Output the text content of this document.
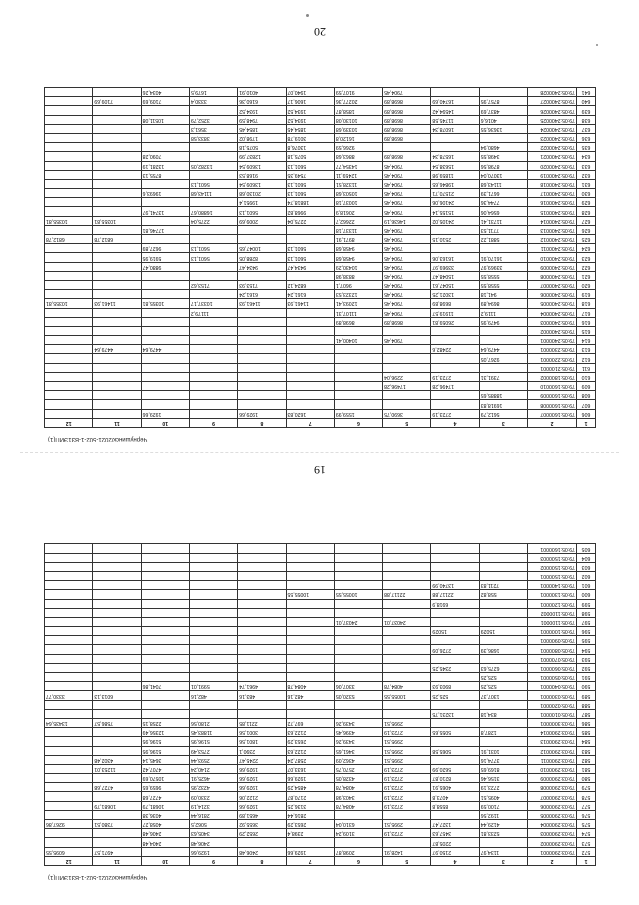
Чернушинск/2021-502-1-ВЗ1ЭИП(1)
1	2	3	4	5	6	7	8	9	10	11	12
606	79:05:1600007	5612,79	2723,19	3690,75	1559,99	1620,83	1929,66		1929,66		
607	79:05:1600008	16918,83									
608	79:05:1600009	18885,65									
609	79:05:1600010		17496,28	17496,28							
610	79:05:1800002	7391,31	2723,19	2296,04							
611	79:05:2100001										
612	79:05:2200001	9267,05									
613	79:05:2300001	4479,64	22482,6						4479,64	4479,64	
614	79:05:2400001			7904,45	10400,41						
615	79:05:2400002										
616	79:05:2400003	9479,95	26059,81	8698,89	8698,89						
617	79:05:2400004	1119,2	11919,57	7904,45	11107,31			11179,2			
618	79:05:2400005	8694,89	8698,89	7904,45	12093,41	11461,93	11461,93	10337,17	10355,81	11461,93	10355,81
619	79:05:2400006	941,18	13021,25	7904,45	12323,53	6161,24	6161,24				
620	79:05:2400007	5558,55	15047,61	7904,45	9607,1	6824,12	7153,93	7153,62			
621	79:05:2400008	5558,55	15048,47	7904,45	8838,98						
622	79:05:2400009	33969,97	33969,97	7904,45	10430,29	9434,47	9434,47		9880,47		
623	79:05:2400010	16170,91	16163,06	7904,45	9458,68	5601,13	8288,05	5601,13	5919,95		
624	79:05:2400011			7904,45	9458,68	5601,13	10047,65	5601,13	9627,89		
625	79:05:2400012	5881,22	2510,15	7904,45	8971,91					6812,78	6812,78
626	79:05:2400013	7711,53		7904,45	11337,18				17746,81		
627	79:05:2400014	11731,41	24105,02	14636,19	22662,7	2275,04	2009,69	2275,04		10355,81	10355,81
628	79:05:2400015	6564,06	15155,14	7904,45	20618,9	9968,82	5601,13	16880,67	13741,97		
629	79:05:2400016	7744,36	24106,06	7904,45	10037,18	18818,74	19951,4				
630	79:05:2400017	6671,39	21570,71	7904,45	10503,68	5601,13	20130,68	11143,68	19693,6		
631	79:05:2400018	11143,68	19846,65	7904,45	11328,51	5601,13	13609,54	5601,13			
632	79:05:2400019	13070,04	11859,98	7904,45	12459,11	7549,35	9168,53		8755,13		
633	79:05:2400020	8798,56	15638,54	7904,45	14354,77	5601,13	13609,54	13282,05	13281,19		
634	79:05:2400021	3498,55	16578,34	8698,89	8863,68	5075,18	12837,99		7090,28		
635	79:05:2400022	4680,94			9266,59	13076,8	5075,18				
636	79:05:2400023			8698,89	16120,8	3019,78	1798,02	3833,58			
637	79:05:2400024	13636,55	16078,34	8698,89	10339,68	1854,45	1854,45	3561,3			
638	79:05:2400025	4016,6	11745,58	8698,89	10130,08	1934,52	7948,59	3252,79	10511,08		
639	79:05:2400026	4837,69	14594,42	8698,89	1858,87	1934,52	1934,52				
640	79:05:2400027	8757,95	16740,69	8698,89	20277,36	1606,17	6160,36	3330,4	7109,69	7109,69	
641	79:05:2400028			7904,45	9107,59	1940,07	4010,91	1679,5	4034,26		
20
Чернушинск/2021-502-1-ВЗ1ЭИП(1)
1	2	3	4	5	6	7	8	9	10	11	12
572	79:03:2900001	1134,97	2150,97	1428,91	2098,87	1929,66	2406,48	1929,66		4971,57	6095,55
573	79:03:2900002		2205,87					2406,48	2404,48		
574	79:03:2900003	5233,81	3457,63	2723,19	3109,24	2398,4	2652,29	3405,63	2406,48		
575	79:03:2900004	4129,44	1327,47	2995,51	6310,04	2653,29	3655,92	5062,5	4058,27	7380,51	9267,86
576	79:03:2900005	1192,56				2816,44	4651,89	2816,44	4036,38		
577	79:03:2900006	7100,59	8558,8	2723,19	4084,78	3136,25	1929,66	3214,19	10681,79	10681,79	
578	79:03:2900007	4095,51	4073,8	2723,19	3403,98	2170,87	2122,06	2330,09	4727,68		
579	79:03:2900008	2723,19	4065,91	2723,19	4084,78	4854,29	1929,66	4232,95	9659,65	4727,68	
580	79:03:2900009	3156,46	8210,87	2723,19	4328,05	1929,66	1929,66	4625,91	10570,69		
581	79:03:2900010	8169,65	5620,99	2723,19	2570,75	1633,07	1929,66	2140,24	4707,42	11253,01	
582	79:03:2900011	3774,16		2995,51	4362,09	2587,24	2245,47	2593,44	3645,14	4302,48	
583	79:03:2900012	1031,91	5065,58	2995,51	3461,65	2122,63	2390,1	2753,49	5196,95		
584	79:03:2900013			2995,51	3439,26	2653,29	1801,56	5196,95	5196,95		
585	79:03:2900014	1287,8	5055,65	2723,19	4396,45	2122,63	3001,56	11883,45	12356,49		
586	79:03:3000001			2995,51	3439,26	697,72	2211,85	2180,56	2258,15	7586,57	13435,64
587	79:05:0100001	834,18	13231,75								
588	79:05:0200001										
589	79:05:0300001	1307,37	525,25	10055,55	5320,05	482,16	483,16	482,16		6013,13	3330,77
590	79:05:0400001	525,25	8903,93	4084,78	3307,06	4084,78	4961,74	5991,01	7041,86		
591	79:05:0500001	525,25									
592	79:05:0600001	6275,63	2345,25								
593	79:05:0700001										
594	79:05:0800001	1686,39	2726,09								
595	79:05:0900001										
596	79:05:1000001	15029	15029								
597	79:05:1100001			24037,01	24037,01						
598	79:05:1100002										
599	79:05:1200001		6918,9								
600	79:05:1300001	558,82	22117,88	22117,88	10055,55	10055,55					
601	79:05:1400001	7211,83	13740,99								
602	79:05:1500001										
603	79:05:1500002										
604	79:05:1500003										
605	79:05:1600001										
19
